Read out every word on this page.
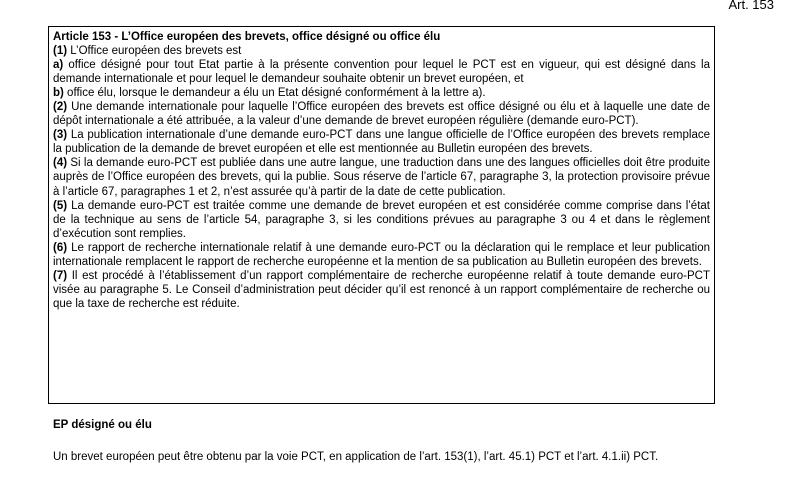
Art. 153

Article 153 - L’Office européen des brevets, office désigné ou office élu

(1) L’Office européen des brevets est

a) office désigné pour tout Etat partie à la présente convention pour lequel le PCT est en vigueur, qui est désigné dans la demande internationale et pour lequel le demandeur souhaite obtenir un brevet européen, et

b) office élu, lorsque le demandeur a élu un Etat désigné conformément à la lettre a).

(2) Une demande internationale pour laquelle l’Office européen des brevets est office désigné ou élu et à laquelle une date de dépôt internationale a été attribuée, a la valeur d’une demande de brevet européen régulière (demande euro-PCT).

(3) La publication internationale d’une demande euro-PCT dans une langue officielle de l’Office européen des brevets remplace la publication de la demande de brevet européen et elle est mentionnée au Bulletin européen des brevets.

(4) Si la demande euro-PCT est publiée dans une autre langue, une traduction dans une des langues officielles doit être produite auprès de l’Office européen des brevets, qui la publie. Sous réserve de l’article 67, paragraphe 3, la protection provisoire prévue à l’article 67, paragraphes 1 et 2, n’est assurée qu’à partir de la date de cette publication.

(5) La demande euro-PCT est traitée comme une demande de brevet européen et est considérée comme comprise dans l’état de la technique au sens de l’article 54, paragraphe 3, si les conditions prévues au paragraphe 3 ou 4 et dans le règlement d’exécution sont remplies.

(6) Le rapport de recherche internationale relatif à une demande euro-PCT ou la déclaration qui le remplace et leur publication internationale remplacent le rapport de recherche européenne et la mention de sa publication au Bulletin européen des brevets.

(7) Il est procédé à l’établissement d’un rapport complémentaire de recherche européenne relatif à toute demande euro-PCT visée au paragraphe 5. Le Conseil d’administration peut décider qu’il est renoncé à un rapport complémentaire de recherche ou que la taxe de recherche est réduite.

EP désigné ou élu

Un brevet européen peut être obtenu par la voie PCT, en application de l’art. 153(1), l’art. 45.1) PCT et l’art. 4.1.ii) PCT.
